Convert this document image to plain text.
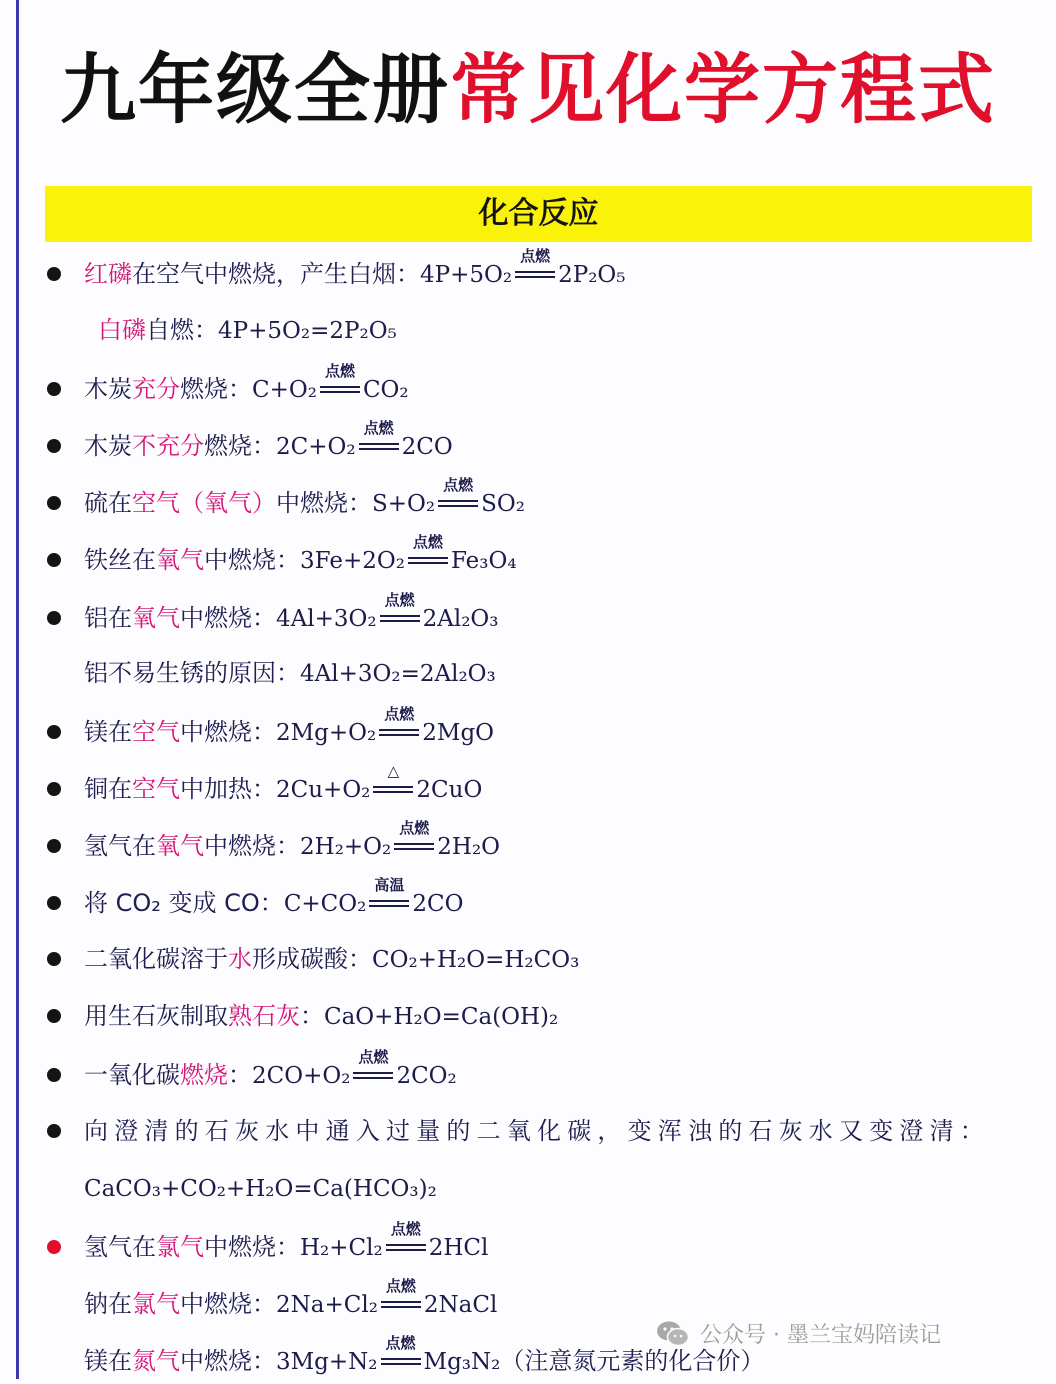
九年级全册常见化学方程式
化合反应
红磷在空气中燃烧，产生白烟：4P+5O₂
点燃
2P₂O₅
白磷自燃：4P+5O₂=2P₂O₅
木炭充分燃烧：C+O₂
点燃
CO₂
木炭不充分燃烧：2C+O₂
点燃
2CO
硫在空气（氧气）中燃烧：S+O₂
点燃
SO₂
铁丝在氧气中燃烧：3Fe+2O₂
点燃
Fe₃O₄
铝在氧气中燃烧：4Al+3O₂
点燃
2Al₂O₃
铝不易生锈的原因：4Al+3O₂=2Al₂O₃
镁在空气中燃烧：2Mg+O₂
点燃
2MgO
铜在空气中加热：2Cu+O₂
△
2CuO
氢气在氧气中燃烧：2H₂+O₂
点燃
2H₂O
将 CO₂ 变成 CO：C+CO₂
高温
2CO
二氧化碳溶于水形成碳酸：CO₂+H₂O=H₂CO₃
用生石灰制取熟石灰：CaO+H₂O=Ca(OH)₂
一氧化碳燃烧：2CO+O₂
点燃
2CO₂
向澄清的石灰水中通入过量的二氧化碳，变浑浊的石灰水又变澄清：
CaCO₃+CO₂+H₂O=Ca(HCO₃)₂
氢气在氯气中燃烧：H₂+Cl₂
点燃
2HCl
钠在氯气中燃烧：2Na+Cl₂
点燃
2NaCl
镁在氮气中燃烧：3Mg+N₂
点燃
Mg₃N₂（注意氮元素的化合价）
公众号 · 墨兰宝妈陪读记
